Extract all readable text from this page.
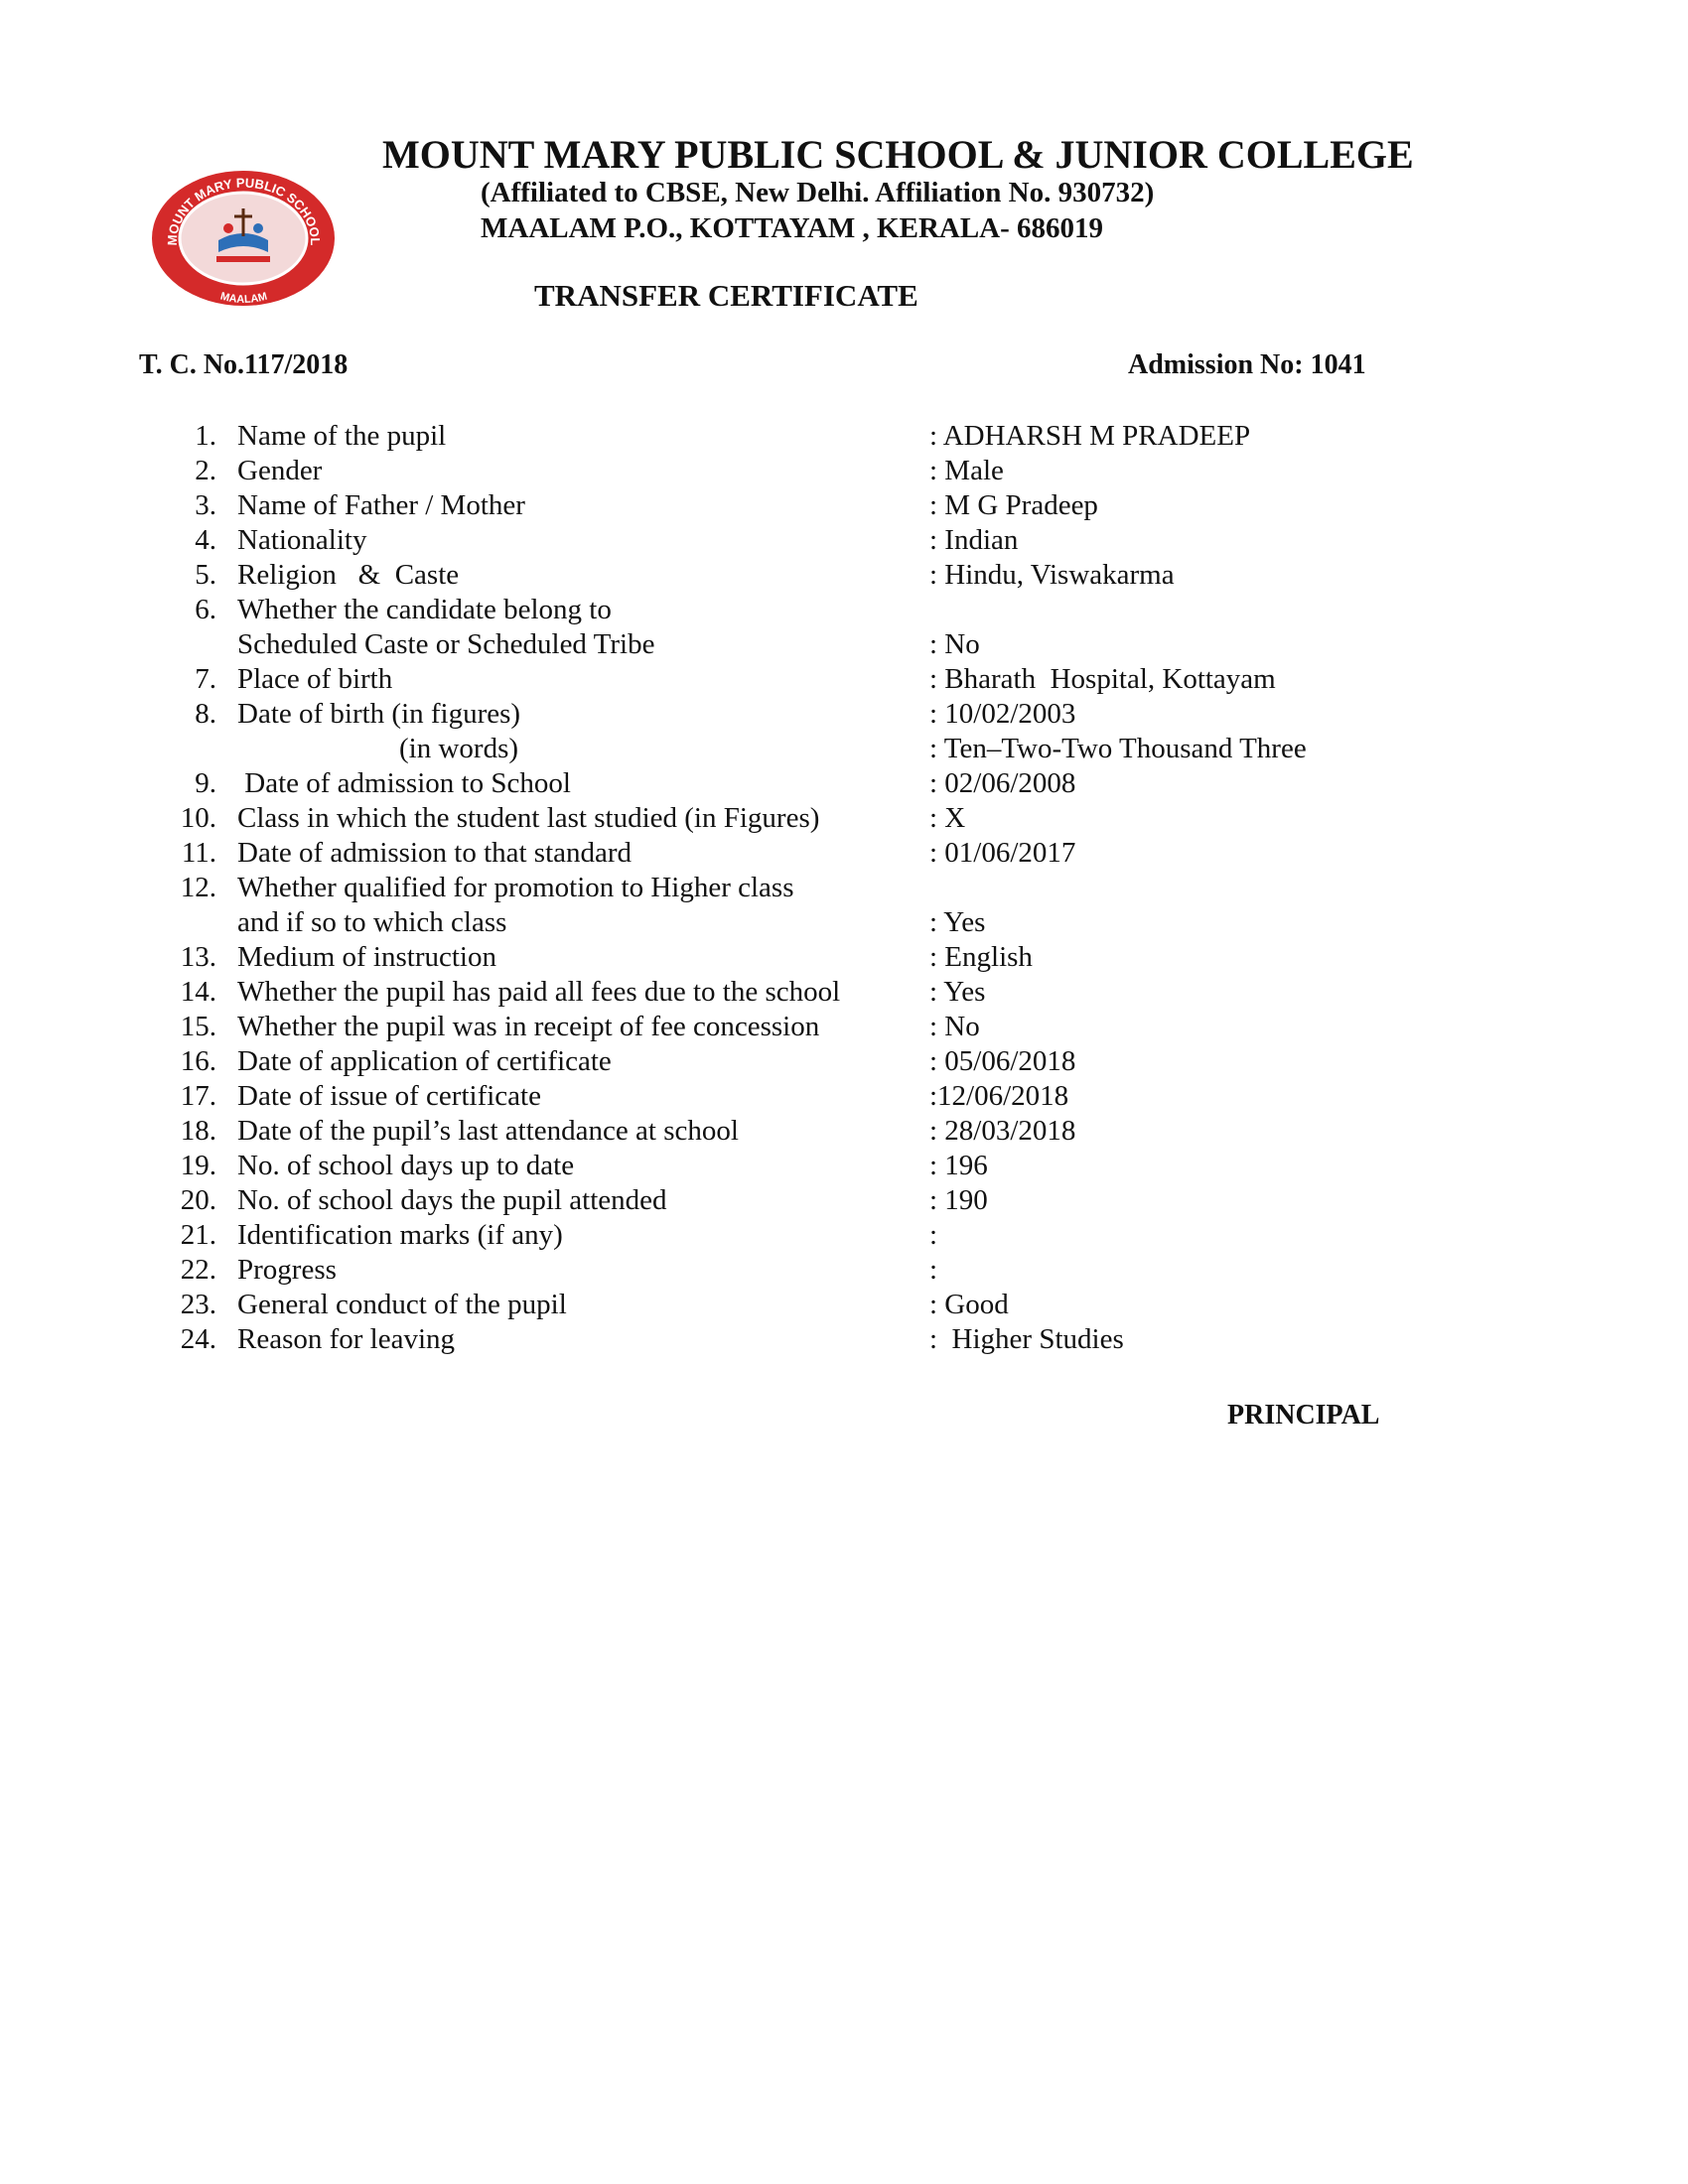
MOUNT MARY PUBLIC SCHOOL
MAALAM
MOUNT MARY PUBLIC SCHOOL & JUNIOR COLLEGE
(Affiliated to CBSE, New Delhi. Affiliation No. 930732)
MAALAM P.O., KOTTAYAM , KERALA- 686019
TRANSFER CERTIFICATE
T. C. No.117/2018	Admission No: 1041
1. Name of the pupil	: ADHARSH M PRADEEP
2. Gender	: Male
3. Name of Father / Mother	: M G Pradeep
4. Nationality	: Indian
5. Religion   &  Caste	: Hindu, Viswakarma
6. Whether the candidate belong to
Scheduled Caste or Scheduled Tribe	: No
7. Place of birth	: Bharath  Hospital, Kottayam
8. Date of birth (in figures)	: 10/02/2003
(in words)	: Ten–Two-Two Thousand Three
9. Date of admission to School	: 02/06/2008
10. Class in which the student last studied (in Figures)	: X
11. Date of admission to that standard	: 01/06/2017
12. Whether qualified for promotion to Higher class
and if so to which class	: Yes
13. Medium of instruction	: English
14. Whether the pupil has paid all fees due to the school	: Yes
15. Whether the pupil was in receipt of fee concession	: No
16. Date of application of certificate	: 05/06/2018
17. Date of issue of certificate	:12/06/2018
18. Date of the pupil’s last attendance at school	: 28/03/2018
19. No. of school days up to date	: 196
20. No. of school days the pupil attended	: 190
21. Identification marks (if any)	:
22. Progress	:
23. General conduct of the pupil	: Good
24. Reason for leaving	:  Higher Studies
PRINCIPAL
